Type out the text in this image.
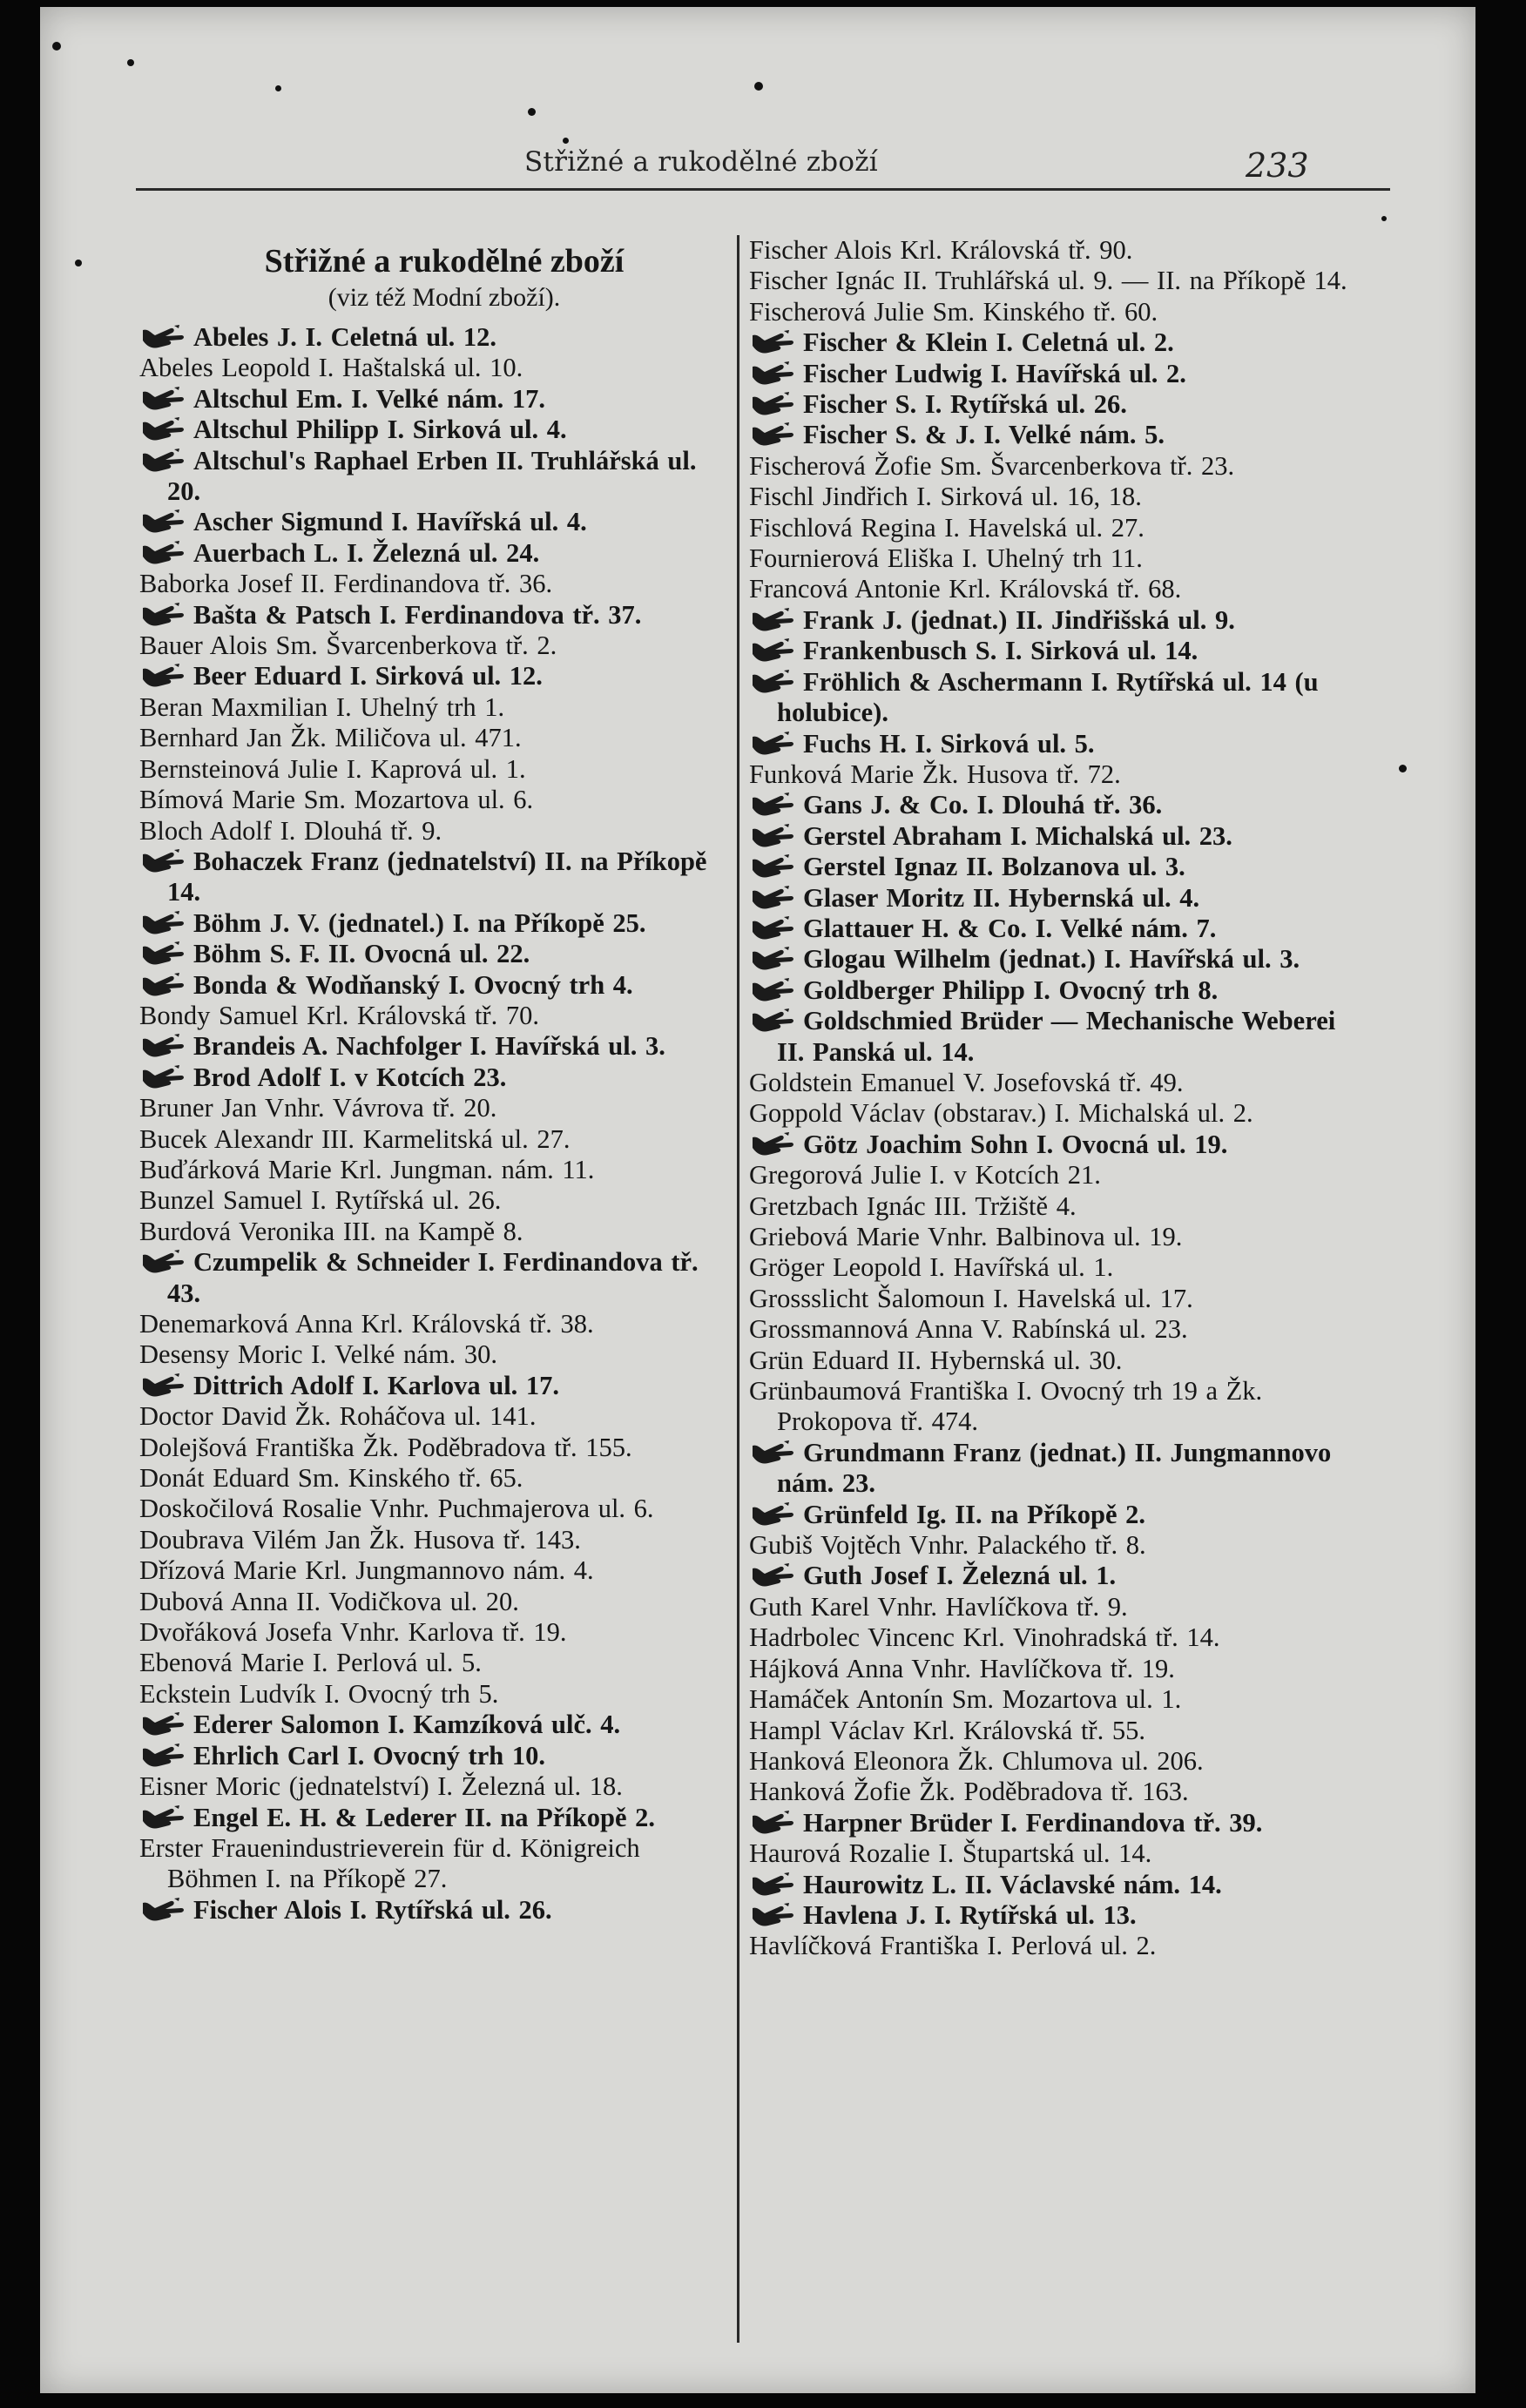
Střižné a rukodělné zboží	233
Střižné a rukodělné zboží
(viz též Modní zboží).
Abeles J. I. Celetná ul. 12.
Abeles Leopold I. Haštalská ul. 10.
Altschul Em. I. Velké nám. 17.
Altschul Philipp I. Sirková ul. 4.
Altschul's Raphael Erben II. Truhlářská ul. 20.
Ascher Sigmund I. Havířská ul. 4.
Auerbach L. I. Železná ul. 24.
Baborka Josef II. Ferdinandova tř. 36.
Bašta & Patsch I. Ferdinandova tř. 37.
Bauer Alois Sm. Švarcenberkova tř. 2.
Beer Eduard I. Sirková ul. 12.
Beran Maxmilian I. Uhelný trh 1.
Bernhard Jan Žk. Miličova ul. 471.
Bernsteinová Julie I. Kaprová ul. 1.
Bímová Marie Sm. Mozartova ul. 6.
Bloch Adolf I. Dlouhá tř. 9.
Bohaczek Franz (jednatelství) II. na Příkopě 14.
Böhm J. V. (jednatel.) I. na Příkopě 25.
Böhm S. F. II. Ovocná ul. 22.
Bonda & Wodňanský I. Ovocný trh 4.
Bondy Samuel Krl. Královská tř. 70.
Brandeis A. Nachfolger I. Havířská ul. 3.
Brod Adolf I. v Kotcích 23.
Bruner Jan Vnhr. Vávrova tř. 20.
Bucek Alexandr III. Karmelitská ul. 27.
Buďárková Marie Krl. Jungman. nám. 11.
Bunzel Samuel I. Rytířská ul. 26.
Burdová Veronika III. na Kampě 8.
Czumpelik & Schneider I. Ferdinandova tř. 43.
Denemarková Anna Krl. Královská tř. 38.
Desensy Moric I. Velké nám. 30.
Dittrich Adolf I. Karlova ul. 17.
Doctor David Žk. Roháčova ul. 141.
Dolejšová Františka Žk. Poděbradova tř. 155.
Donát Eduard Sm. Kinského tř. 65.
Doskočilová Rosalie Vnhr. Puchmajerova ul. 6.
Doubrava Vilém Jan Žk. Husova tř. 143.
Dřízová Marie Krl. Jungmannovo nám. 4.
Dubová Anna II. Vodičkova ul. 20.
Dvořáková Josefa Vnhr. Karlova tř. 19.
Ebenová Marie I. Perlová ul. 5.
Eckstein Ludvík I. Ovocný trh 5.
Ederer Salomon I. Kamzíková ulč. 4.
Ehrlich Carl I. Ovocný trh 10.
Eisner Moric (jednatelství) I. Železná ul. 18.
Engel E. H. & Lederer II. na Příkopě 2.
Erster Frauenindustrieverein für d. Königreich Böhmen I. na Příkopě 27.
Fischer Alois I. Rytířská ul. 26.
Fischer Alois Krl. Královská tř. 90.
Fischer Ignác II. Truhlářská ul. 9. — II. na Příkopě 14.
Fischerová Julie Sm. Kinského tř. 60.
Fischer & Klein I. Celetná ul. 2.
Fischer Ludwig I. Havířská ul. 2.
Fischer S. I. Rytířská ul. 26.
Fischer S. & J. I. Velké nám. 5.
Fischerová Žofie Sm. Švarcenberkova tř. 23.
Fischl Jindřich I. Sirková ul. 16, 18.
Fischlová Regina I. Havelská ul. 27.
Fournierová Eliška I. Uhelný trh 11.
Francová Antonie Krl. Královská tř. 68.
Frank J. (jednat.) II. Jindřišská ul. 9.
Frankenbusch S. I. Sirková ul. 14.
Fröhlich & Aschermann I. Rytířská ul. 14 (u holubice).
Fuchs H. I. Sirková ul. 5.
Funková Marie Žk. Husova tř. 72.
Gans J. & Co. I. Dlouhá tř. 36.
Gerstel Abraham I. Michalská ul. 23.
Gerstel Ignaz II. Bolzanova ul. 3.
Glaser Moritz II. Hybernská ul. 4.
Glattauer H. & Co. I. Velké nám. 7.
Glogau Wilhelm (jednat.) I. Havířská ul. 3.
Goldberger Philipp I. Ovocný trh 8.
Goldschmied Brüder — Mechanische Weberei II. Panská ul. 14.
Goldstein Emanuel V. Josefovská tř. 49.
Goppold Václav (obstarav.) I. Michalská ul. 2.
Götz Joachim Sohn I. Ovocná ul. 19.
Gregorová Julie I. v Kotcích 21.
Gretzbach Ignác III. Tržiště 4.
Griebová Marie Vnhr. Balbinova ul. 19.
Gröger Leopold I. Havířská ul. 1.
Grossslicht Šalomoun I. Havelská ul. 17.
Grossmannová Anna V. Rabínská ul. 23.
Grün Eduard II. Hybernská ul. 30.
Grünbaumová Františka I. Ovocný trh 19 a Žk. Prokopova tř. 474.
Grundmann Franz (jednat.) II. Jungmannovo nám. 23.
Grünfeld Ig. II. na Příkopě 2.
Gubiš Vojtěch Vnhr. Palackého tř. 8.
Guth Josef I. Železná ul. 1.
Guth Karel Vnhr. Havlíčkova tř. 9.
Hadrbolec Vincenc Krl. Vinohradská tř. 14.
Hájková Anna Vnhr. Havlíčkova tř. 19.
Hamáček Antonín Sm. Mozartova ul. 1.
Hampl Václav Krl. Královská tř. 55.
Hanková Eleonora Žk. Chlumova ul. 206.
Hanková Žofie Žk. Poděbradova tř. 163.
Harpner Brüder I. Ferdinandova tř. 39.
Haurová Rozalie I. Štupartská ul. 14.
Haurowitz L. II. Václavské nám. 14.
Havlena J. I. Rytířská ul. 13.
Havlíčková Františka I. Perlová ul. 2.
